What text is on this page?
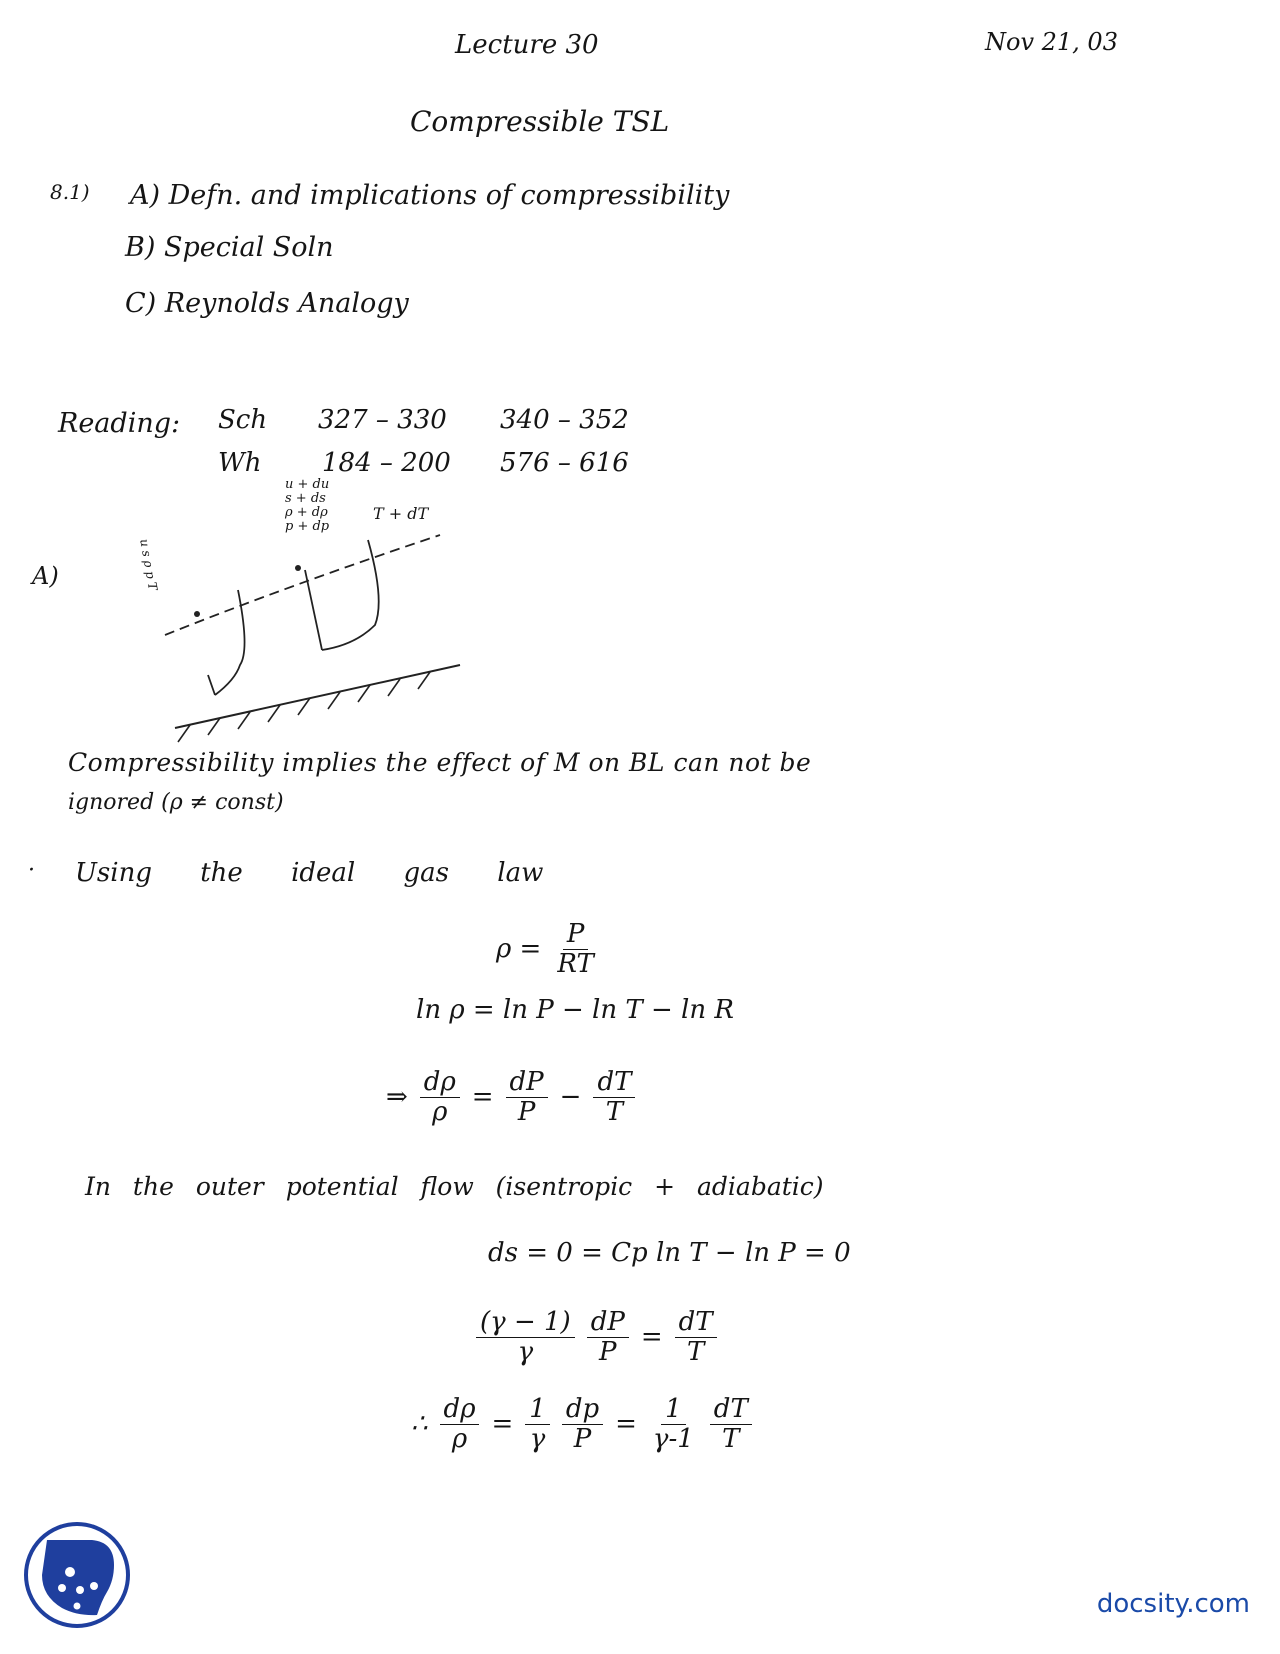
Lecture 30	Nov 21, 03
Compressible TSL
8.1) A) Defn. and implications of compressibility
B) Special Soln
C) Reynolds Analogy
Reading: Sch 327 – 330 340 – 352
Wh 184 – 200 576 – 616
A)
u s ρ p T
u + du
s + ds
ρ + dρ
p + dp
T + dT
Compressibility implies the effect of M on BL can not be
ignored (ρ ≠ const)
· Using the ideal gas law
$\rho = \frac{P}{RT}$
ln ρ = ln P − ln T − ln R
⇒ $\frac{d\rho}{\rho} = \frac{dP}{P} - \frac{dT}{T}$
In the outer potential flow (isentropic + adiabatic)
ds = 0 = Cp ln T − ln P = 0
$\frac{(\gamma - 1)}{\gamma} \frac{dP}{P} = \frac{dT}{T}$
∴ $\frac{d\rho}{\rho} = \frac{1}{\gamma} \frac{dp}{P} = \frac{1}{\gamma-1} \frac{dT}{T}$
docsity.com
